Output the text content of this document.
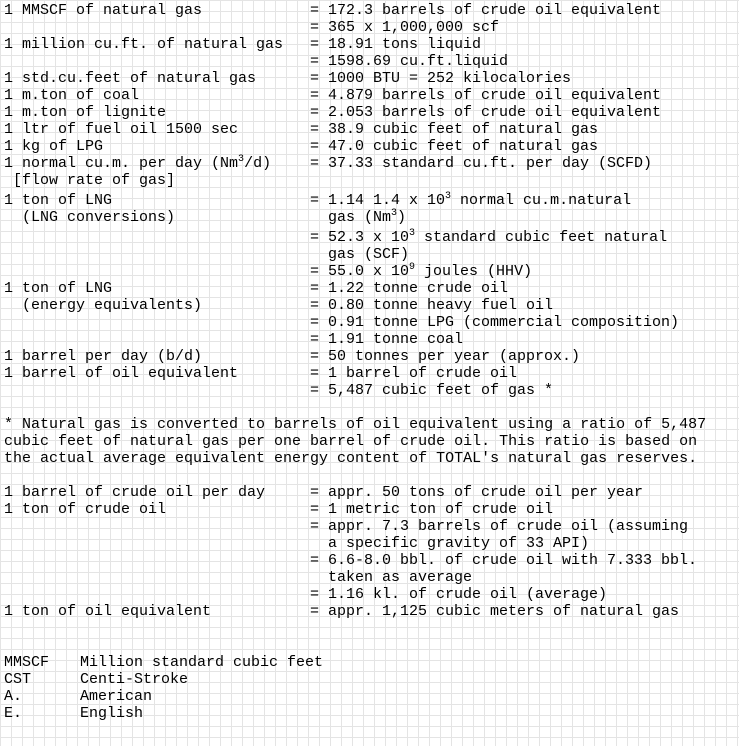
1 MMSCF of natural gas	= 172.3 barrels of crude oil equivalent
= 365 x 1,000,000 scf
1 million cu.ft. of natural gas	= 18.91 tons liquid
= 1598.69 cu.ft.liquid
1 std.cu.feet of natural gas	= 1000 BTU = 252 kilocalories
1 m.ton of coal	= 4.879 barrels of crude oil equivalent
1 m.ton of lignite	= 2.053 barrels of crude oil equivalent
1 ltr of fuel oil 1500 sec	= 38.9 cubic feet of natural gas
1 kg of LPG	= 47.0 cubic feet of natural gas
1 normal cu.m. per day $(Nm^3/d)$	= 37.33 standard cu.ft. per day (SCFD)
[flow rate of gas]
1 ton of LNG	= 1.14 1.4 x $10^3$ normal cu.m.natural
(LNG conversions)	gas $(Nm^3)$
= 52.3 x $10^3$ standard cubic feet natural
gas (SCF)
= 55.0 x $10^9$ joules (HHV)
1 ton of LNG	= 1.22 tonne crude oil
(energy equivalents)	= 0.80 tonne heavy fuel oil
= 0.91 tonne LPG (commercial composition)
= 1.91 tonne coal
1 barrel per day (b/d)	= 50 tonnes per year (approx.)
1 barrel of oil equivalent	= 1 barrel of crude oil
= 5,487 cubic feet of gas *
* Natural gas is converted to barrels of oil equivalent using a ratio of 5,487 cubic feet of natural gas per one barrel of crude oil. This ratio is based on the actual average equivalent energy content of TOTAL's natural gas reserves.
1 barrel of crude oil per day	= appr. 50 tons of crude oil per year
1 ton of crude oil	= 1 metric ton of crude oil
= appr. 7.3 barrels of crude oil (assuming
a specific gravity of 33 API)
= 6.6-8.0 bbl. of crude oil with 7.333 bbl.
taken as average
= 1.16 kl. of crude oil (average)
1 ton of oil equivalent	= appr. 1,125 cubic meters of natural gas
MMSCF	Million standard cubic feet
CST	Centi-Stroke
A.	American
E.	English
